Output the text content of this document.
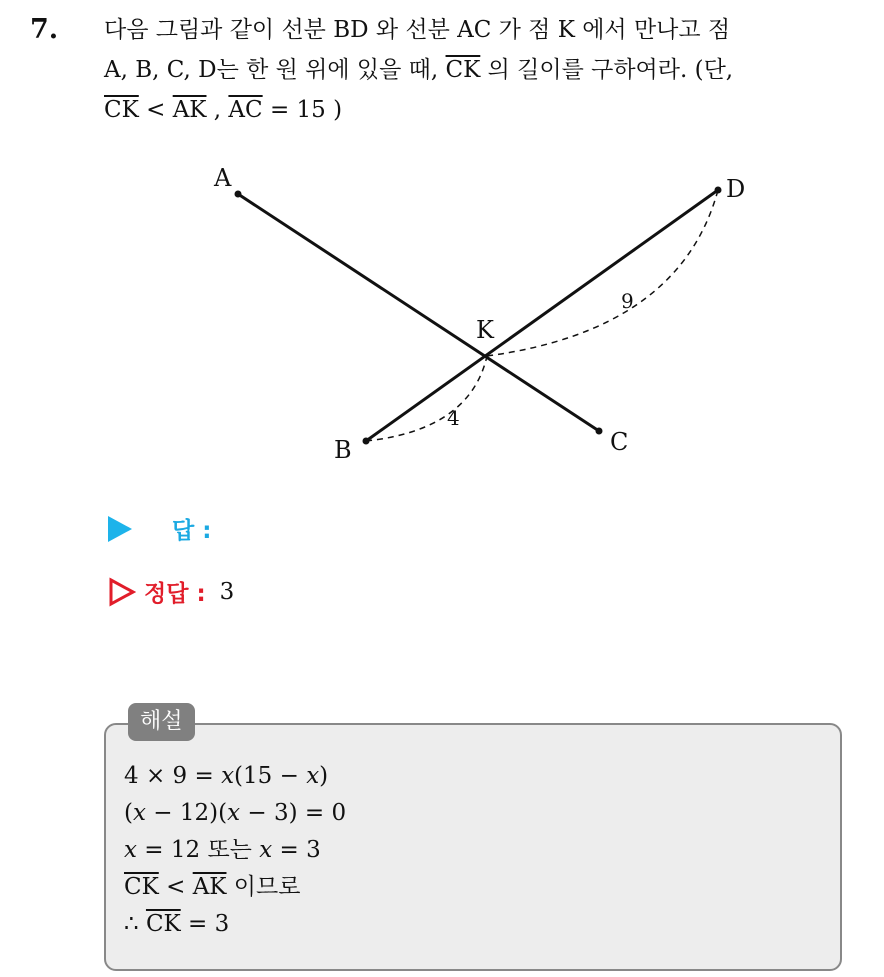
7. 다음 그림과 같이 선분 BD 와 선분 AC 가 점 K 에서 만나고 점
A, B, C, D는 한 원 위에 있을 때, $\overline{CK}$ 의 길이를 구하여라. (단,
$\overline{CK} < \overline{AK}$ , $\overline{AC} = 15$ )
A
B	C
D
K
9
4
답 :
정답 : 3
해설
4 × 9 = x(15 − x)
(x − 12)(x − 3) = 0
x = 12 또는 x = 3
$\overline{CK} < \overline{AK}$ 이므로
∴ $\overline{CK} = 3$
